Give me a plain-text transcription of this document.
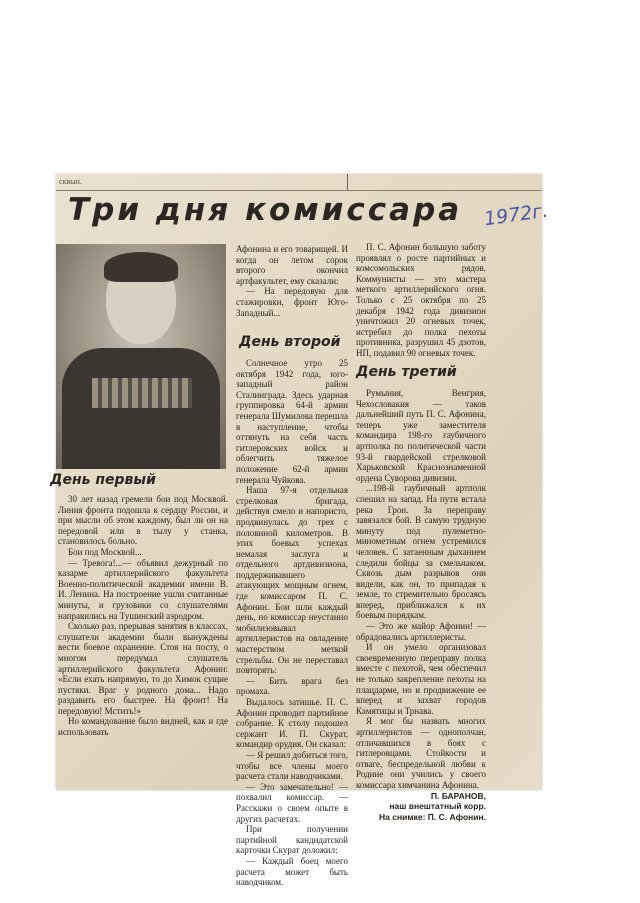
сквын.
Три дня комиссара 1972г.
День первый

30 лет назад гремели бои под Москвой. Линия фронта подошла к сердцу России, и при мысли об этом каждому, был ли он на передовой или в тылу у станка, становилось больно.

Бои под Москвой...

— Тревога!...— объявил дежурный по казарме артиллерийского факультета Военно-политической академии имени В. И. Ленина. На построение ушли считанные минуты, и грузовики со слушателями направились на Тушинский аэродром.

Сколько раз, прерывая занятия в классах, слушатели академии были вынуждены вести боевое охранение. Стоя на посту, о многом передумал слушатель артиллерийского факультета Афонин: «Если ехать напрямую, то до Химок сущие пустяки. Враг у родного дома... Надо раздавить его быстрее. На фронт! На передовую! Мстить!»

Но командование было видней, как и где использовать

Афонина и его товарищей. И когда он летом сорок второго окончил артфакультет, ему сказали:

— На передовую для стажировки, фронт Юго-Западный...

День второй

Солнечное утро 25 октября 1942 года, юго-западный район Сталинграда. Здесь ударная группировка 64-й армии генерала Шумилова перешла в наступление, чтобы оттянуть на себя часть гитлеровских войск и облегчить тяжелое положение 62-й армии генерала Чуйкова.

Наша 97-я отдельная стрелковая бригада, действуя смело и напористо, продвинулась до трех с половиной километров. В этих боевых успехах немалая заслуга и отдельного артдивизиона, поддерживавшего атакующих мощным огнем, где комиссаром П. С. Афонин. Бои шли каждый день, но комиссар неустанно мобилизовывал артиллеристов на овладение мастерством меткой стрельбы. Он не переставал повторять:

— Бить врага без промаха.

Выдалось затишье. П. С. Афонин проводит партийное собрание. К столу подошел сержант И. П. Скурат, командир орудия. Он сказал:

— Я решил добиться того, чтобы все члены моего расчета стали наводчиками.

— Это замечательно! — похвалил комиссар. — Расскажи о своем опыте в других расчетах.

При получении партийной кандидатской карточки Скурат доложил:

— Каждый боец моего расчета может быть наводчиком.

П. С. Афонин большую заботу проявлял о росте партийных и комсомольских рядов. Коммунисты — это мастера меткого артиллерийского огня. Только с 25 октября по 25 декабря 1942 года дивизион уничтожил 20 огневых точек, истребил до полка пехоты противника, разрушил 45 дзотов, НП, подавил 90 огневых точек.

День третий

Румыния, Венгрия, Чехословакия — таков дальнейший путь П. С. Афонина, теперь уже заместителя командира 198-го гаубичного артполка по политической части 93-й гвардейской стрелковой Харьковской Краснознаменной ордена Суворова дивизии.

...198-й гаубичный артполк спешил на запад. На пути встала река Грон. За переправу завязался бой. В самую трудную минуту под пулеметно-минометным огнем устремился человек. С затаенным дыханием следили бойцы за смельчаком. Сквозь дым разрывов они видели, как он, то припадая к земле, то стремительно бросаясь вперед, приближался к их боевым порядкам.

— Это же майор Афонин! — обрадовались артиллеристы.

И он умело организовал своевременную переправу полка вместе с пехотой, чем обеспечил не только закрепление пехоты на плацдарме, но и продвижение ее вперед и захват городов Камятицы и Трнава.

Я мог бы назвать многих артиллеристов — однополчан, отличавшихся в боях с гитлеровцами. Стойкости и отваге, беспредельной любви к Родине они учились у своего комиссара химчанина Афонина.

П. БАРАНОВ,
наш внештатный корр.
На снимке: П. С. Афонин.
